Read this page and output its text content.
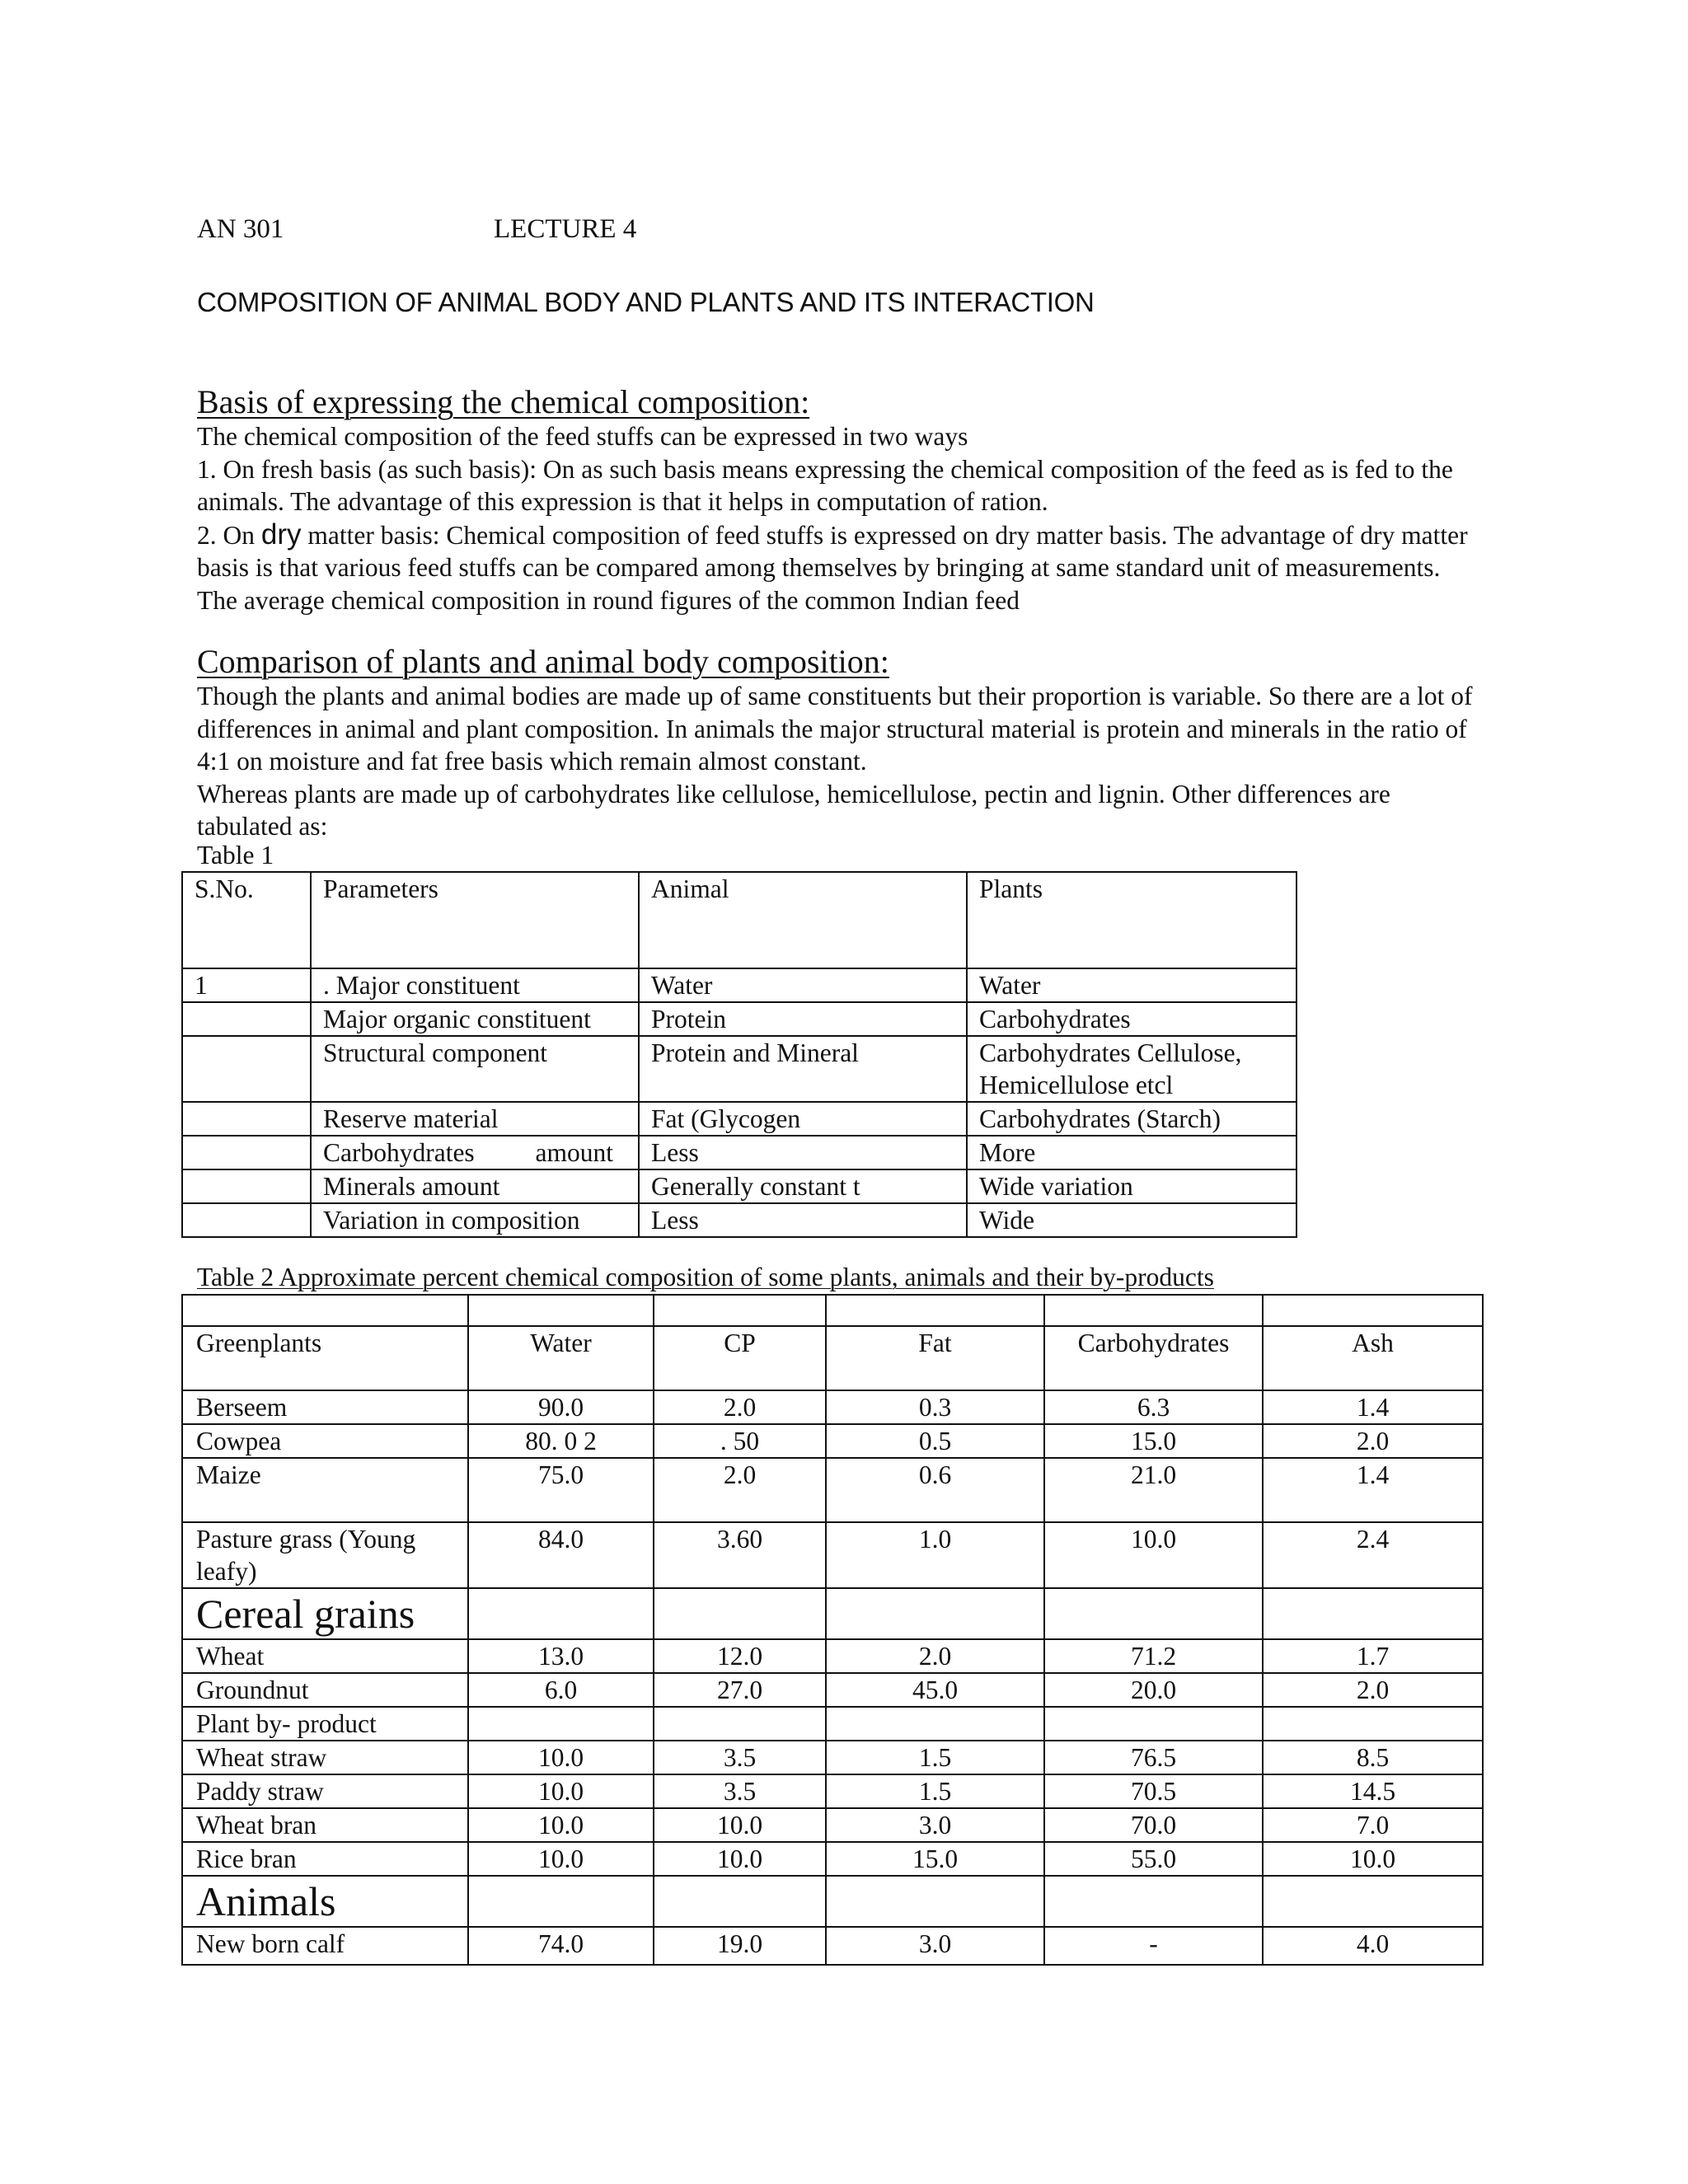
AN 301	LECTURE 4
COMPOSITION OF ANIMAL BODY AND PLANTS AND ITS INTERACTION
Basis of expressing the chemical composition:

The chemical composition of the feed stuffs can be expressed in two ways

1. On fresh basis (as such basis): On as such basis means expressing the chemical composition of the feed as is fed to the animals. The advantage of this expression is that it helps in computation of ration.

2. On dry matter basis: Chemical composition of feed stuffs is expressed on dry matter basis. The advantage of dry matter basis is that various feed stuffs can be compared among themselves by bringing at same standard unit of measurements. The average chemical composition in round figures of the common Indian feed

Comparison of plants and animal body composition:

Though the plants and animal bodies are made up of same constituents but their proportion is variable. So there are a lot of differences in animal and plant composition. In animals the major structural material is protein and minerals in the ratio of 4:1 on moisture and fat free basis which remain almost constant.

Whereas plants are made up of carbohydrates like cellulose, hemicellulose, pectin and lignin. Other differences are tabulated as:

Table 1
S.No.	Parameters	Animal	Plants
1	. Major constituent	Water	Water
	Major organic constituent	Protein	Carbohydrates
	Structural component	Protein and Mineral	Carbohydrates Cellulose, Hemicellulose etcl
	Reserve material	Fat (Glycogen	Carbohydrates (Starch)

	Carbohydrates amount	Less	More
	Minerals amount	Generally constant t	Wide variation
	Variation in composition	Less	Wide
Table 2 Approximate percent chemical composition of some plants, animals and their by-products

Greenplants	Water	CP	Fat	Carbohydrates	Ash
Berseem	90.0	2.0	0.3	6.3	1.4
Cowpea	80. 0 2	. 50	0.5	15.0	2.0
Maize	75.0	2.0	0.6	21.0	1.4
Pasture grass (Young leafy)	84.0	3.60	1.0	10.0	2.4
Cereal grains					
Wheat	13.0	12.0	2.0	71.2	1.7
Groundnut	6.0	27.0	45.0	20.0	2.0
Plant by- product					
Wheat straw	10.0	3.5	1.5	76.5	8.5
Paddy straw	10.0	3.5	1.5	70.5	14.5
Wheat bran	10.0	10.0	3.0	70.0	7.0
Rice bran	10.0	10.0	15.0	55.0	10.0
Animals					
New born calf	74.0	19.0	3.0	-	4.0
